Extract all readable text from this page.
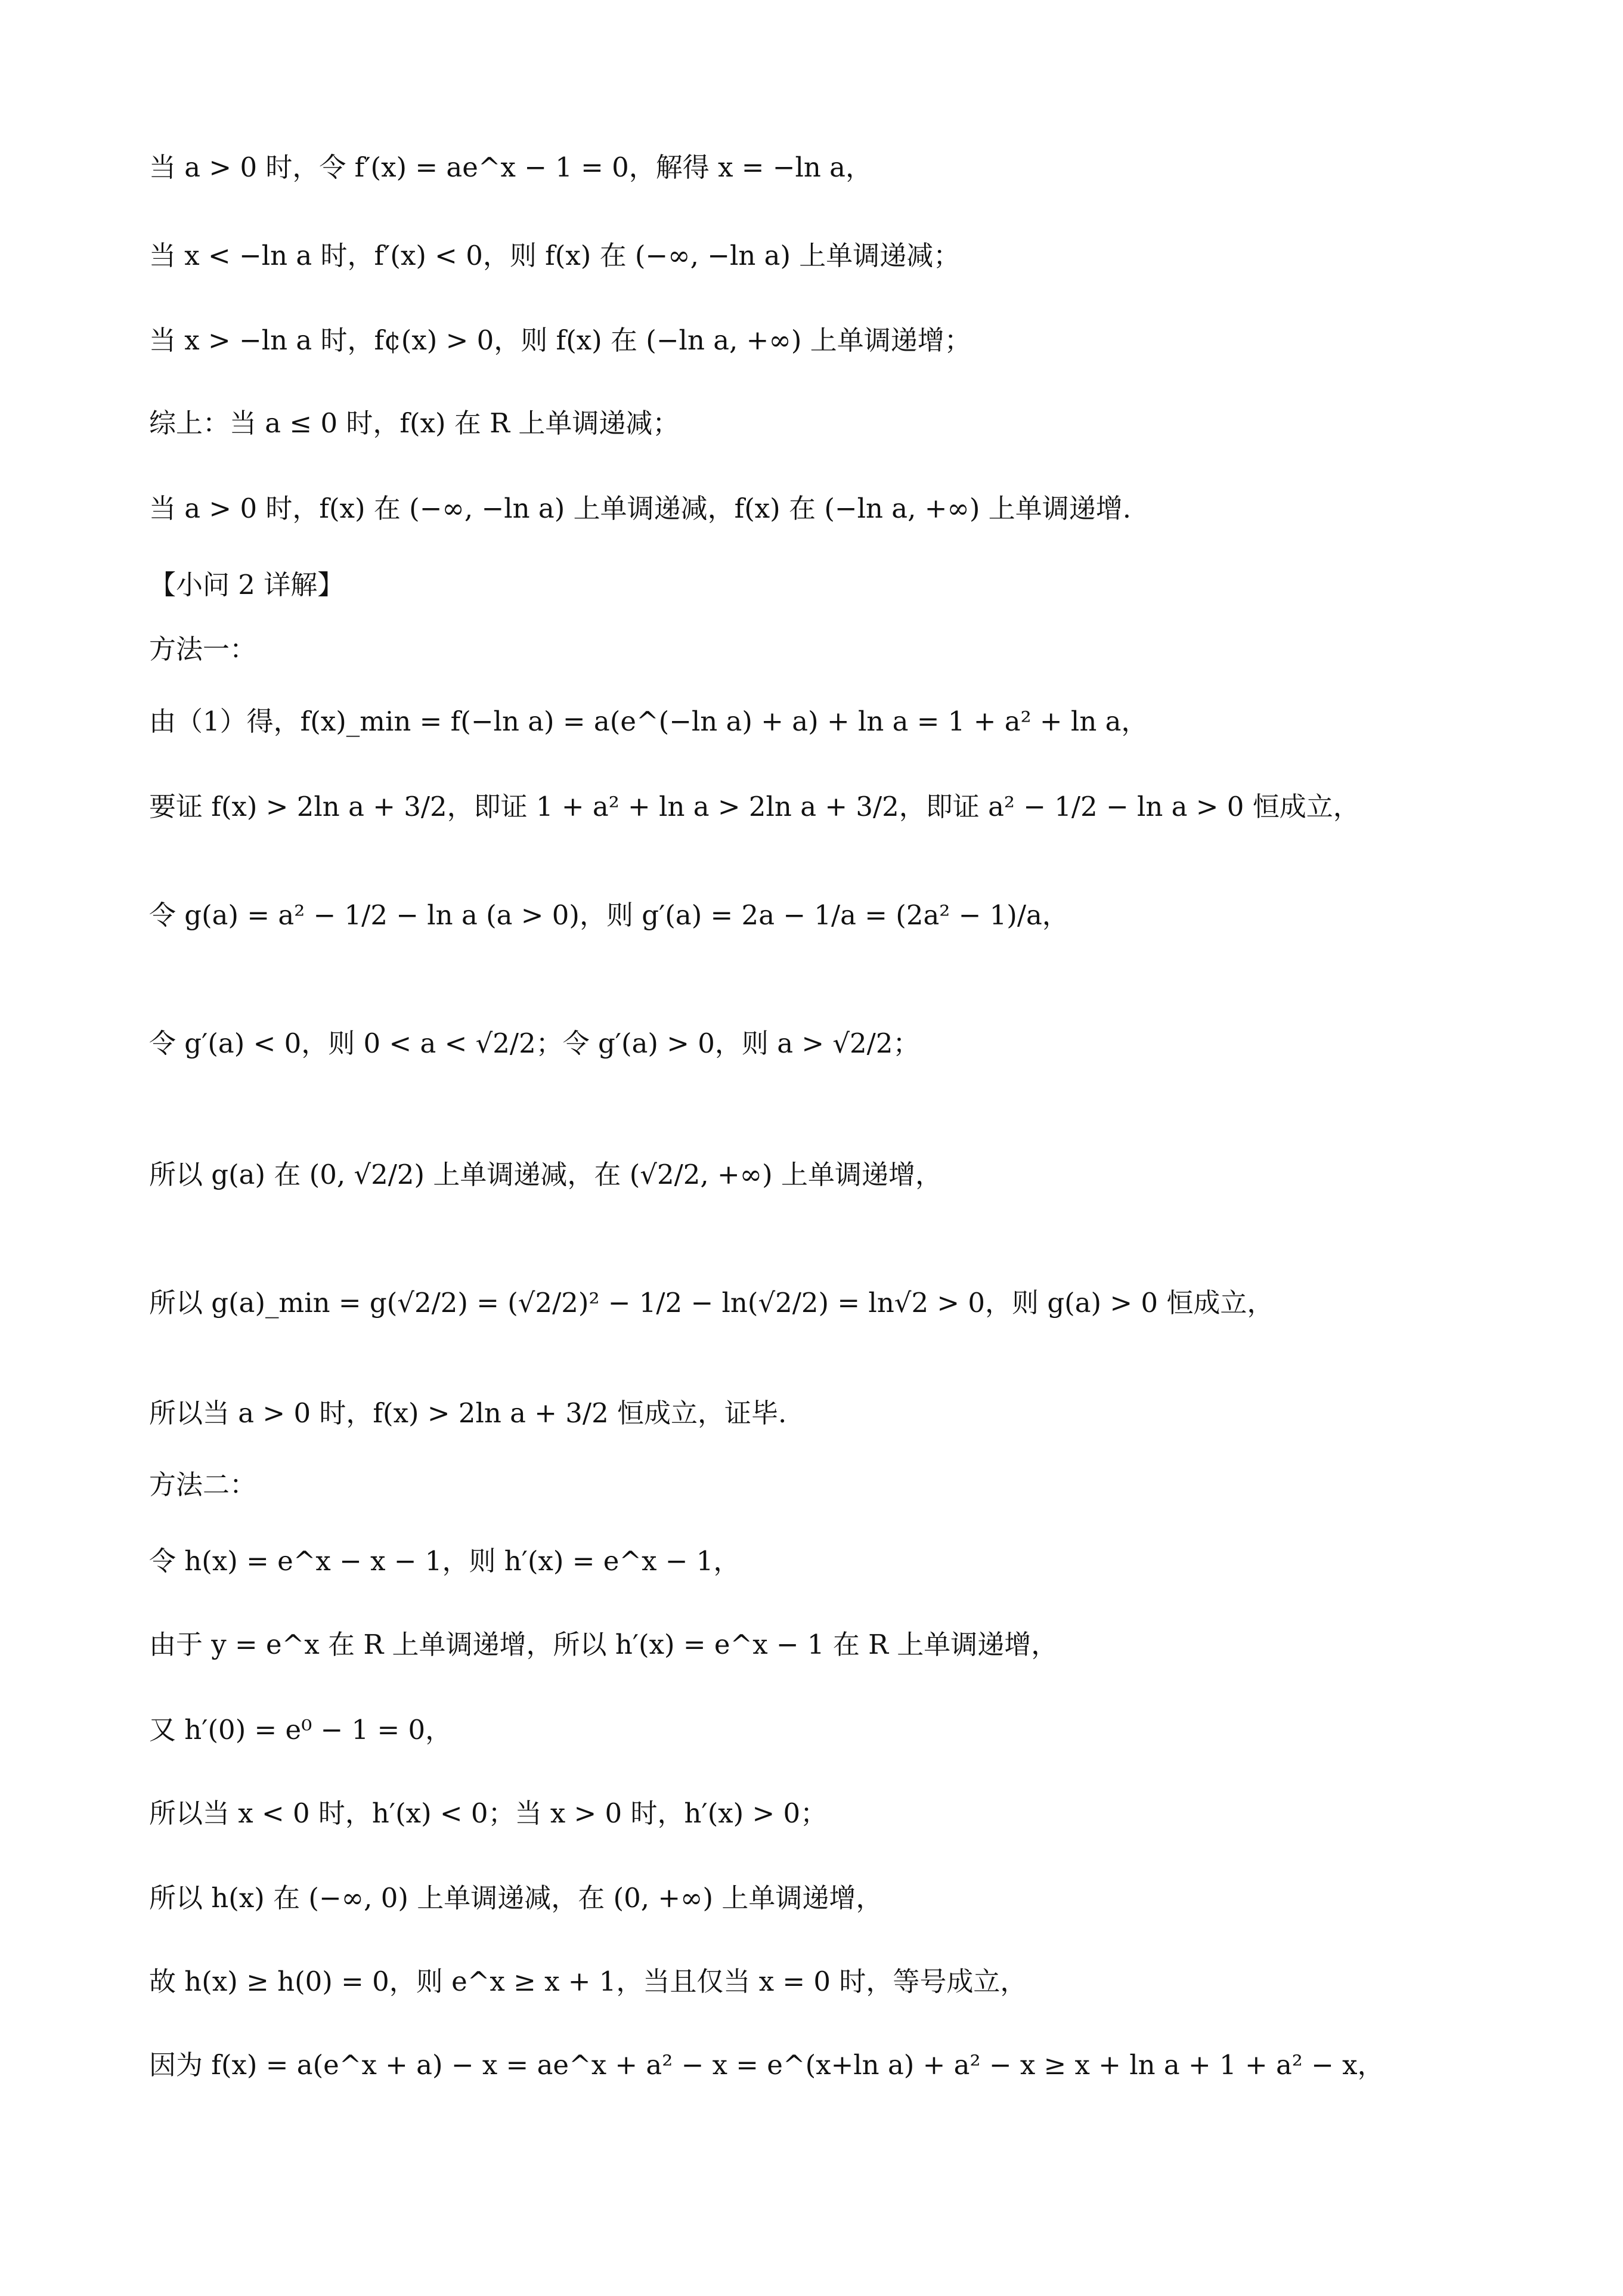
当 a > 0 时，令 f′(x) = ae^x − 1 = 0，解得 x = −ln a，
当 x < −ln a 时，f′(x) < 0，则 f(x) 在 (−∞, −ln a) 上单调递减；
当 x > −ln a 时，f¢(x) > 0，则 f(x) 在 (−ln a, +∞) 上单调递增；
综上：当 a ≤ 0 时，f(x) 在 R 上单调递减；
当 a > 0 时，f(x) 在 (−∞, −ln a) 上单调递减，f(x) 在 (−ln a, +∞) 上单调递增.
【小问 2 详解】
方法一：
由（1）得，f(x)_min = f(−ln a) = a(e^(−ln a) + a) + ln a = 1 + a² + ln a，
要证 f(x) > 2ln a + 3/2，即证 1 + a² + ln a > 2ln a + 3/2，即证 a² − 1/2 − ln a > 0 恒成立，
令 g(a) = a² − 1/2 − ln a (a > 0)，则 g′(a) = 2a − 1/a = (2a² − 1)/a，
令 g′(a) < 0，则 0 < a < √2/2；令 g′(a) > 0，则 a > √2/2；
所以 g(a) 在 (0, √2/2) 上单调递减，在 (√2/2, +∞) 上单调递增，
所以 g(a)_min = g(√2/2) = (√2/2)² − 1/2 − ln(√2/2) = ln√2 > 0，则 g(a) > 0 恒成立，
所以当 a > 0 时，f(x) > 2ln a + 3/2 恒成立，证毕.
方法二：
令 h(x) = e^x − x − 1，则 h′(x) = e^x − 1，
由于 y = e^x 在 R 上单调递增，所以 h′(x) = e^x − 1 在 R 上单调递增，
又 h′(0) = e⁰ − 1 = 0，
所以当 x < 0 时，h′(x) < 0；当 x > 0 时，h′(x) > 0；
所以 h(x) 在 (−∞, 0) 上单调递减，在 (0, +∞) 上单调递增，
故 h(x) ≥ h(0) = 0，则 e^x ≥ x + 1，当且仅当 x = 0 时，等号成立，
因为 f(x) = a(e^x + a) − x = ae^x + a² − x = e^(x+ln a) + a² − x ≥ x + ln a + 1 + a² − x，
